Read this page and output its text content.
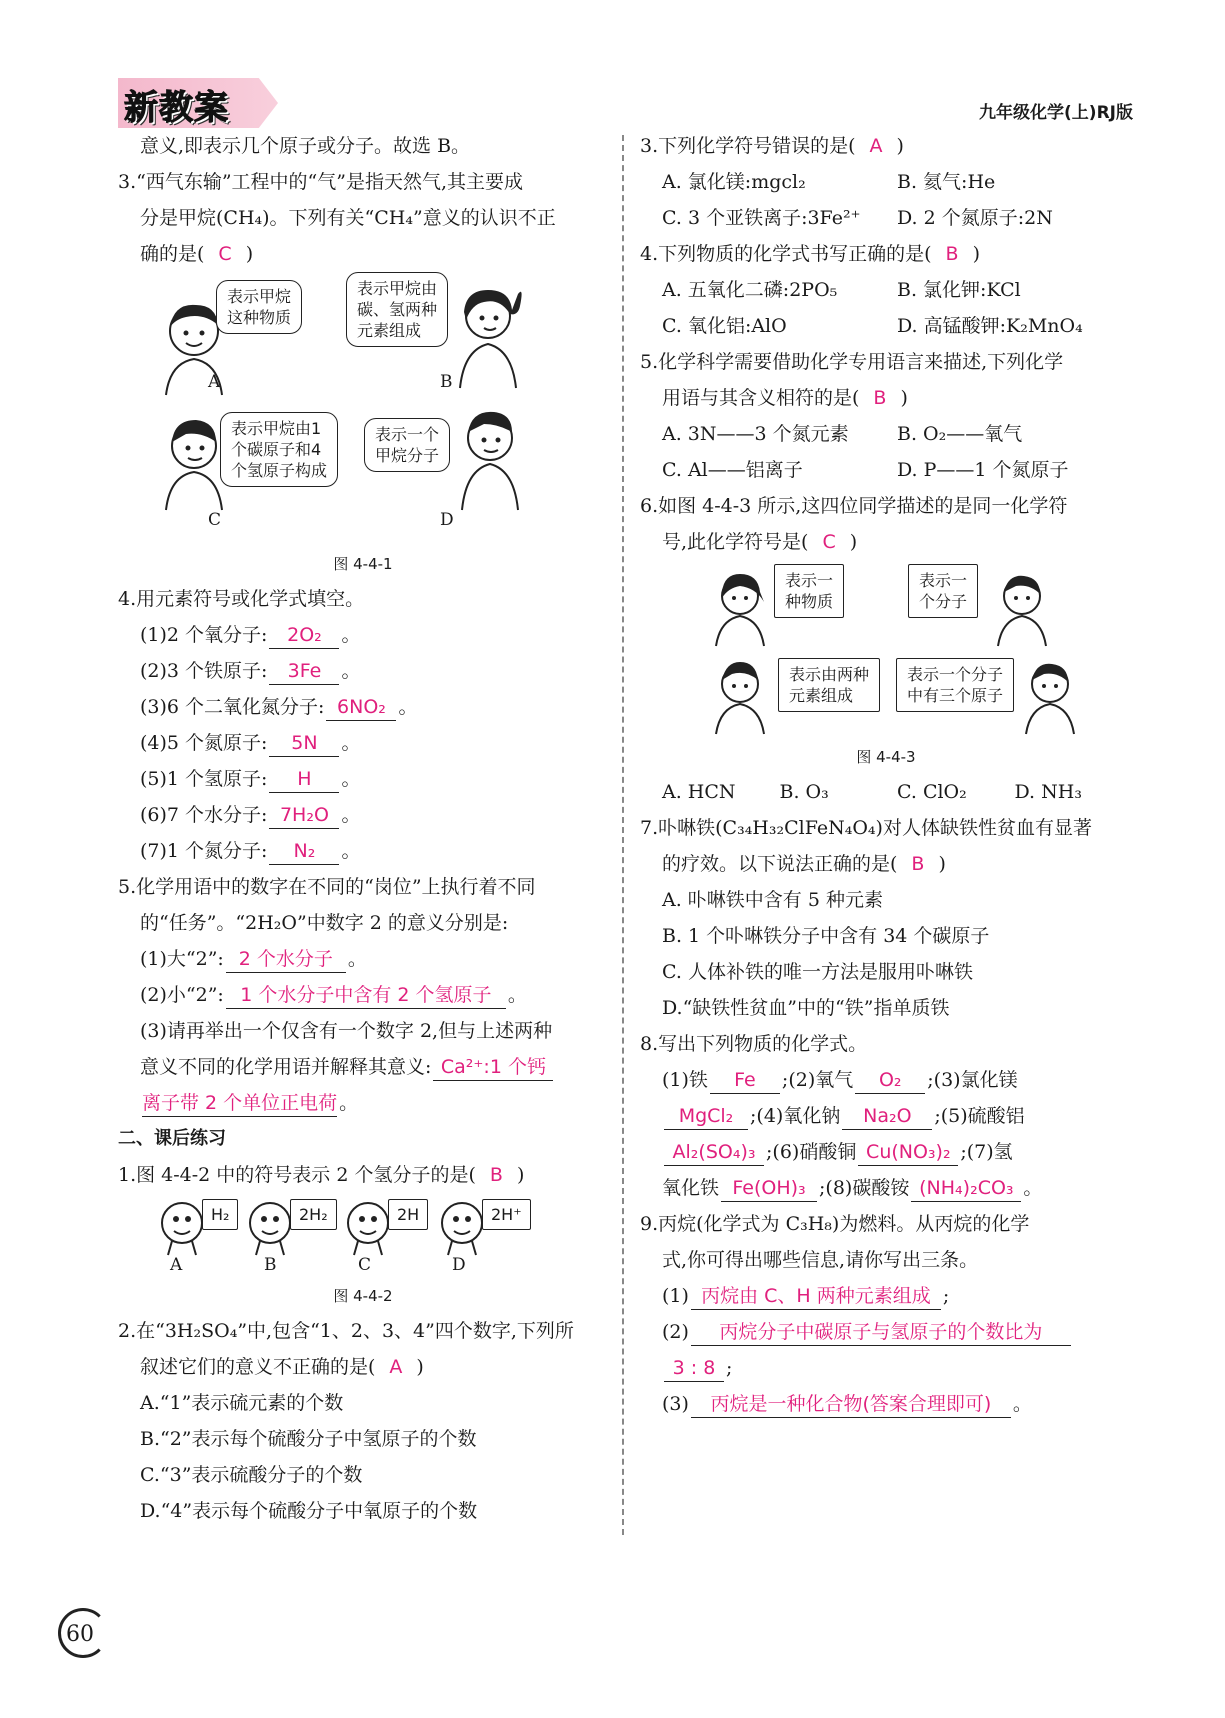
新教案	九年级化学(上)RJ版
意义,即表示几个原子或分子。故选 B。
3.“西气东输”工程中的“气”是指天然气,其主要成
分是甲烷(CH₄)。下列有关“CH₄”意义的认识不正
确的是( C )
表示甲烷
这种物质
A
表示甲烷由
碳、氢两种
元素组成
B
表示甲烷由1
个碳原子和4
个氢原子构成
C
表示一个
甲烷分子
D
图 4-4-1
4.用元素符号或化学式填空。
(1)2 个氧分子: 2O₂ 。
(2)3 个铁原子: 3Fe 。
(3)6 个二氧化氮分子: 6NO₂ 。
(4)5 个氮原子: 5N 。
(5)1 个氢原子: H 。
(6)7 个水分子: 7H₂O 。
(7)1 个氮分子: N₂ 。
5.化学用语中的数字在不同的“岗位”上执行着不同
的“任务”。“2H₂O”中数字 2 的意义分别是:
(1)大“2”: 2 个水分子 。
(2)小“2”: 1 个水分子中含有 2 个氢原子 。
(3)请再举出一个仅含有一个数字 2,但与上述两种
意义不同的化学用语并解释其意义: Ca²⁺:1 个钙
离子带 2 个单位正电荷 。
二、课后练习
1.图 4-4-2 中的符号表示 2 个氢分子的是( B )
H₂
A
2H₂
B
2H
C
2H⁺
D
图 4-4-2
2.在“3H₂SO₄”中,包含“1、2、3、4”四个数字,下列所
叙述它们的意义不正确的是( A )
A.“1”表示硫元素的个数
B.“2”表示每个硫酸分子中氢原子的个数
C.“3”表示硫酸分子的个数
D.“4”表示每个硫酸分子中氧原子的个数
3.下列化学符号错误的是( A )
A. 氯化镁:mgcl₂	B. 氦气:He
C. 3 个亚铁离子:3Fe²⁺	D. 2 个氮原子:2N
4.下列物质的化学式书写正确的是( B )
A. 五氧化二磷:2PO₅	B. 氯化钾:KCl
C. 氧化铝:AlO	D. 高锰酸钾:K₂MnO₄
5.化学科学需要借助化学专用语言来描述,下列化学
用语与其含义相符的是( B )
A. 3N——3 个氮元素	B. O₂——氧气
C. Al——铝离子	D. P——1 个氮原子
6.如图 4-4-3 所示,这四位同学描述的是同一化学符
号,此化学符号是( C )
表示一
种物质
表示一
个分子
表示由两种
元素组成
表示一个分子
中有三个原子
图 4-4-3
A. HCN	B. O₃	C. ClO₂	D. NH₃
7.卟啉铁(C₃₄H₃₂ClFeN₄O₄)对人体缺铁性贫血有显著
的疗效。以下说法正确的是( B )
A. 卟啉铁中含有 5 种元素
B. 1 个卟啉铁分子中含有 34 个碳原子
C. 人体补铁的唯一方法是服用卟啉铁
D.“缺铁性贫血”中的“铁”指单质铁
8.写出下列物质的化学式。
(1)铁 Fe ;(2)氧气 O₂ ;(3)氯化镁
MgCl₂ ;(4)氧化钠 Na₂O ;(5)硫酸铝
Al₂(SO₄)₃ ;(6)硝酸铜 Cu(NO₃)₂ ;(7)氢
氧化铁 Fe(OH)₃ ;(8)碳酸铵 (NH₄)₂CO₃ 。
9.丙烷(化学式为 C₃H₈)为燃料。从丙烷的化学
式,你可得出哪些信息,请你写出三条。
(1) 丙烷由 C、H 两种元素组成 ;
(2) 丙烷分子中碳原子与氢原子的个数比为
3 : 8 ;
(3) 丙烷是一种化合物(答案合理即可) 。
60
